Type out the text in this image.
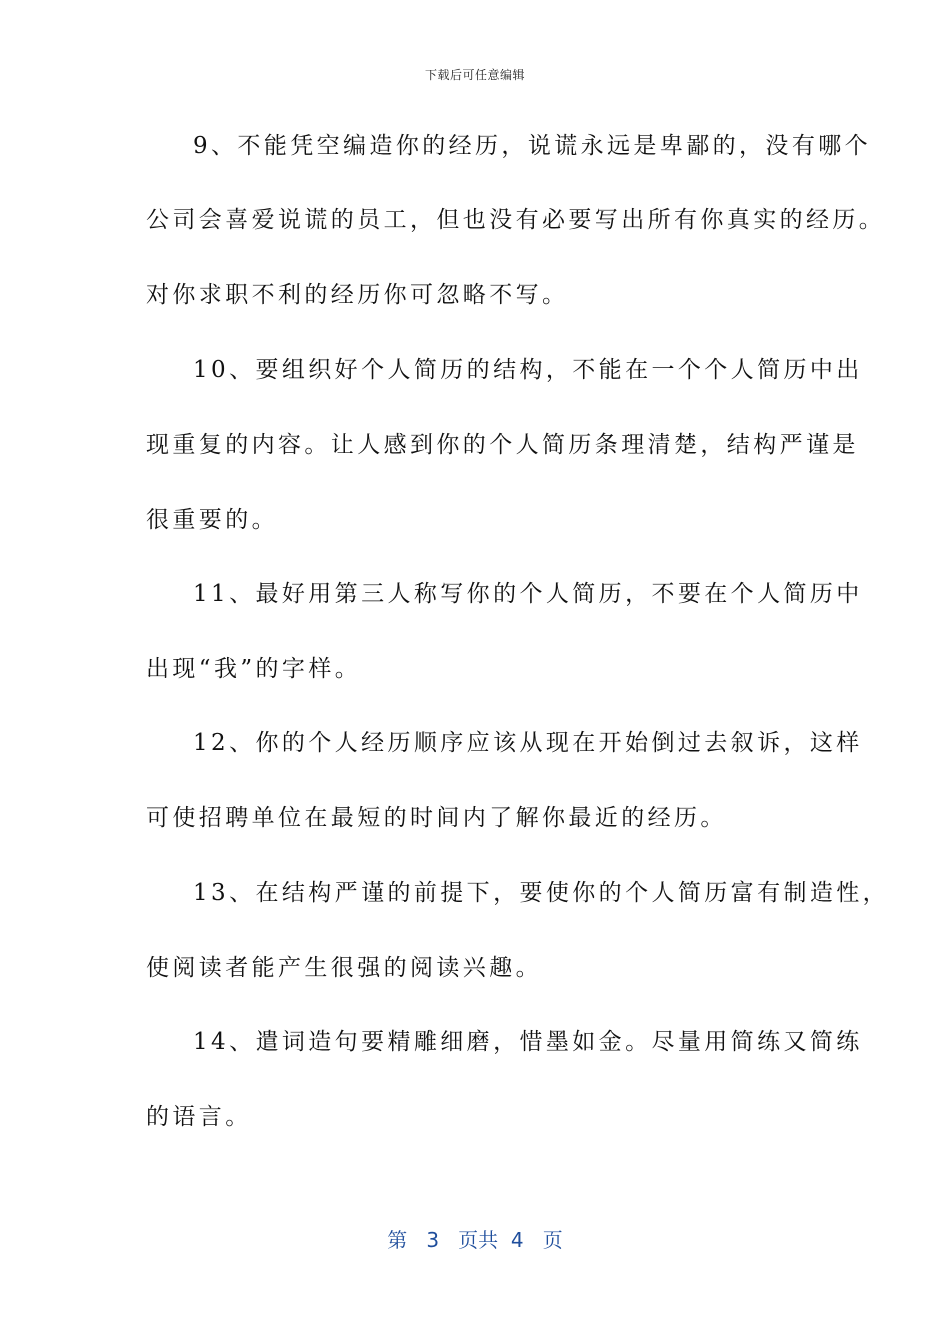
下载后可任意编辑
9、不能凭空编造你的经历，说谎永远是卑鄙的，没有哪个
公司会喜爱说谎的员工，但也没有必要写出所有你真实的经历。
对你求职不利的经历你可忽略不写。
10、要组织好个人简历的结构，不能在一个个人简历中出
现重复的内容。让人感到你的个人简历条理清楚，结构严谨是
很重要的。
11、最好用第三人称写你的个人简历，不要在个人简历中
出现“我”的字样。
12、你的个人经历顺序应该从现在开始倒过去叙诉，这样
可使招聘单位在最短的时间内了解你最近的经历。
13、在结构严谨的前提下，要使你的个人简历富有制造性，
使阅读者能产生很强的阅读兴趣。
14、遣词造句要精雕细磨，惜墨如金。尽量用简练又简练
的语言。
第 3 页共 4 页
